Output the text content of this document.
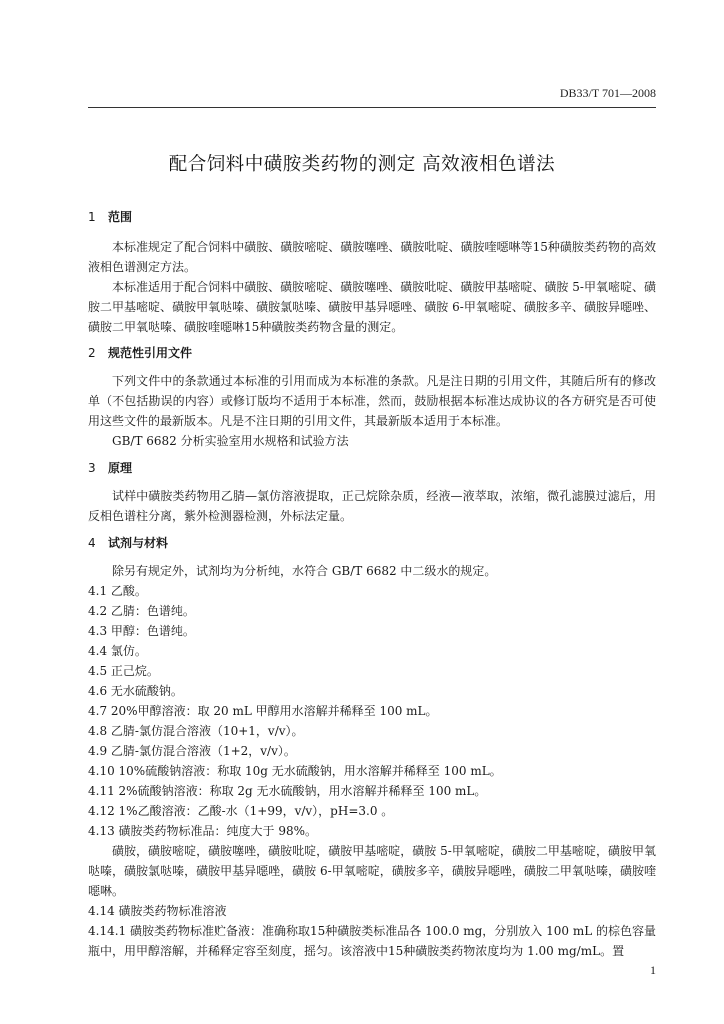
DB33/T 701—2008
配合饲料中磺胺类药物的测定 高效液相色谱法
1 范围
本标准规定了配合饲料中磺胺、磺胺嘧啶、磺胺噻唑、磺胺吡啶、磺胺喹噁啉等15种磺胺类药物的高效液相色谱测定方法。
本标准适用于配合饲料中磺胺、磺胺嘧啶、磺胺噻唑、磺胺吡啶、磺胺甲基嘧啶、磺胺 5-甲氧嘧啶、磺胺二甲基嘧啶、磺胺甲氧哒嗪、磺胺氯哒嗪、磺胺甲基异噁唑、磺胺 6-甲氧嘧啶、磺胺多辛、磺胺异噁唑、磺胺二甲氧哒嗪、磺胺喹噁啉15种磺胺类药物含量的测定。
2 规范性引用文件
下列文件中的条款通过本标准的引用而成为本标准的条款。凡是注日期的引用文件，其随后所有的修改单（不包括勘误的内容）或修订版均不适用于本标准，然而，鼓励根据本标准达成协议的各方研究是否可使用这些文件的最新版本。凡是不注日期的引用文件，其最新版本适用于本标准。
GB/T 6682 分析实验室用水规格和试验方法
3 原理
试样中磺胺类药物用乙腈—氯仿溶液提取，正己烷除杂质，经液—液萃取，浓缩，微孔滤膜过滤后，用反相色谱柱分离，紫外检测器检测，外标法定量。
4 试剂与材料
除另有规定外，试剂均为分析纯，水符合 GB/T 6682 中二级水的规定。
4.1 乙酸。
4.2 乙腈：色谱纯。
4.3 甲醇：色谱纯。
4.4 氯仿。
4.5 正己烷。
4.6 无水硫酸钠。
4.7 20%甲醇溶液：取 20 mL 甲醇用水溶解并稀释至 100 mL。
4.8 乙腈-氯仿混合溶液（10+1，v/v）。
4.9 乙腈-氯仿混合溶液（1+2，v/v）。
4.10 10%硫酸钠溶液：称取 10g 无水硫酸钠，用水溶解并稀释至 100 mL。
4.11 2%硫酸钠溶液：称取 2g 无水硫酸钠，用水溶解并稀释至 100 mL。
4.12 1%乙酸溶液：乙酸-水（1+99，v/v），pH=3.0 。
4.13 磺胺类药物标准品：纯度大于 98%。
磺胺，磺胺嘧啶，磺胺噻唑，磺胺吡啶，磺胺甲基嘧啶，磺胺 5-甲氧嘧啶，磺胺二甲基嘧啶，磺胺甲氧哒嗪，磺胺氯哒嗪，磺胺甲基异噁唑，磺胺 6-甲氧嘧啶，磺胺多辛，磺胺异噁唑，磺胺二甲氧哒嗪，磺胺喹噁啉。
4.14 磺胺类药物标准溶液
4.14.1 磺胺类药物标准贮备液：准确称取15种磺胺类标准品各 100.0 mg，分别放入 100 mL 的棕色容量瓶中，用甲醇溶解，并稀释定容至刻度，摇匀。该溶液中15种磺胺类药物浓度均为 1.00 mg/mL。置
1
